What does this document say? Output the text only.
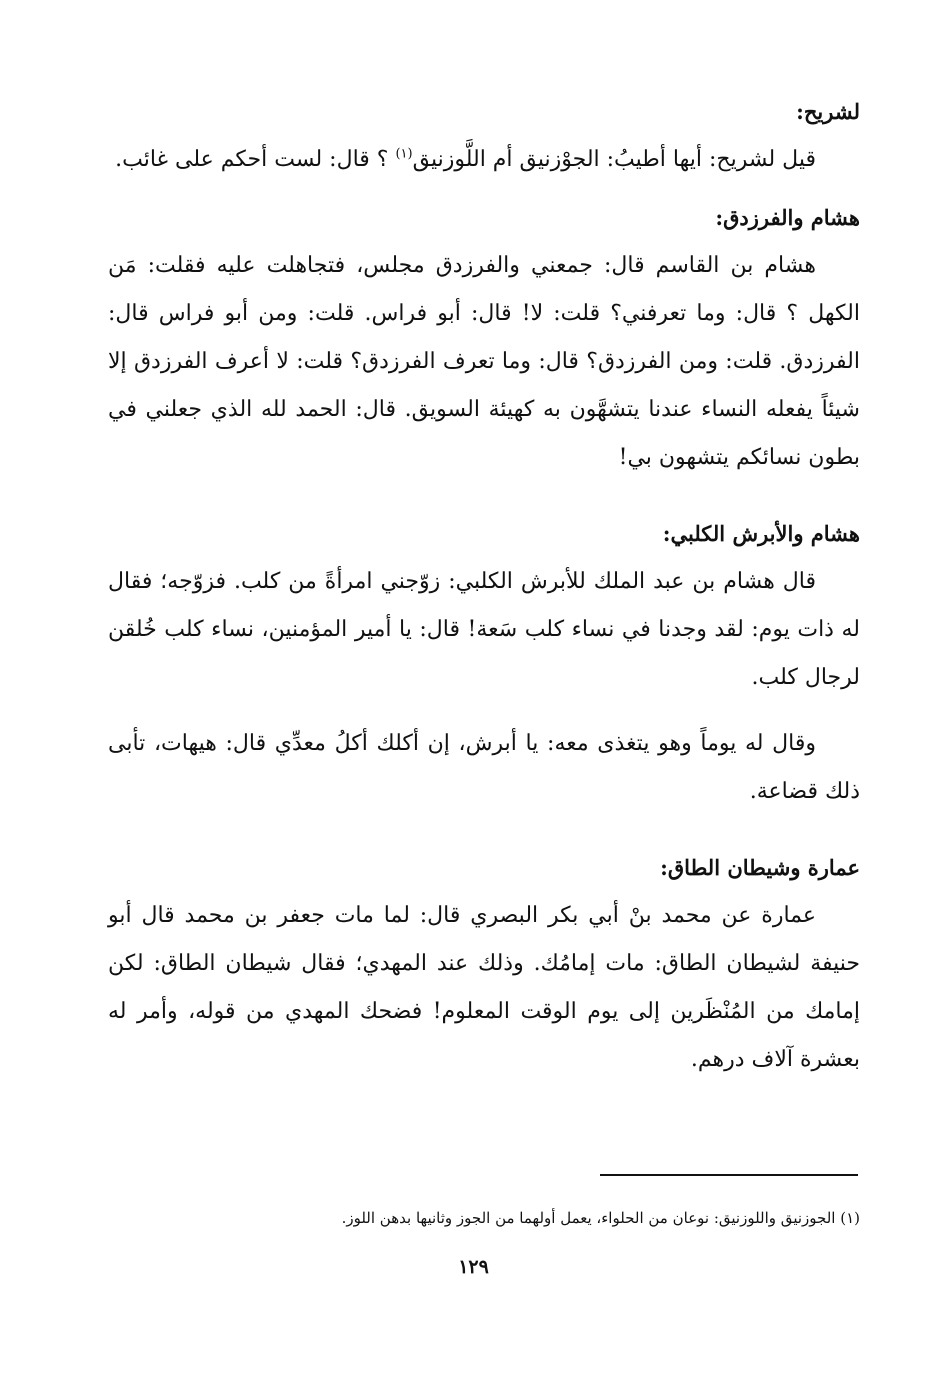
لشريح:

قيل لشريح: أيها أطيبُ: الجوْزنيق أم اللَّوزنيق$^{(١)}$ ؟ قال: لست أحكم على غائب.

هشام والفرزدق:

هشام بن القاسم قال: جمعني والفرزدق مجلس، فتجاهلت عليه فقلت: مَن الكهل ؟ قال: وما تعرفني؟ قلت: لا! قال: أبو فراس. قلت: ومن أبو فراس قال: الفرزدق. قلت: ومن الفرزدق؟ قال: وما تعرف الفرزدق؟ قلت: لا أعرف الفرزدق إلا شيئاً يفعله النساء عندنا يتشهَّون به كهيئة السويق. قال: الحمد لله الذي جعلني في بطون نسائكم يتشهون بي!

هشام والأبرش الكلبي:

قال هشام بن عبد الملك للأبرش الكلبي: زوّجني امرأةً من كلب. فزوّجه؛ فقال له ذات يوم: لقد وجدنا في نساء كلب سَعة! قال: يا أمير المؤمنين، نساء كلب خُلقن لرجال كلب.

وقال له يوماً وهو يتغذى معه: يا أبرش، إن أكلك أكلُ معدِّي قال: هيهات، تأبى ذلك قضاعة.

عمارة وشيطان الطاق:

عمارة عن محمد بنْ أبي بكر البصري قال: لما مات جعفر بن محمد قال أبو حنيفة لشيطان الطاق: مات إمامُك. وذلك عند المهدي؛ فقال شيطان الطاق: لكن إمامك من المُنْظَرين إلى يوم الوقت المعلوم! فضحك المهدي من قوله، وأمر له بعشرة آلاف درهم.

(١) الجوزنيق واللوزنيق: نوعان من الحلواء، يعمل أولهما من الجوز وثانيها بدهن اللوز.
١٢٩
